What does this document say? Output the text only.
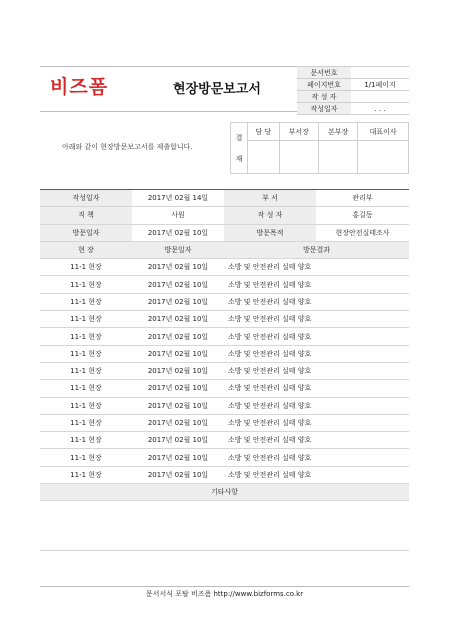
비즈폼	현장방문보고서
문서번호	
페이지번호	1/1페이지
작 성 자	
작성일자	. . .
아래와 같이 현장방문보고서를 제출합니다.
결
재	담 당	부서장	본부장	대표이사

작성일자	2017년 02월 14일	부 서	관리부
직 책	사원	작 성 자	홍길동
방문일자	2017년 02월 10일	방문목적	현장안전실태조사
현 장	방문일자	방문결과	
11-1 현장	2017년 02월 10일	소방 및 안전관리 실태 양호	
11-1 현장	2017년 02월 10일	소방 및 안전관리 실태 양호	
11-1 현장	2017년 02월 10일	소방 및 안전관리 실태 양호	
11-1 현장	2017년 02월 10일	소방 및 안전관리 실태 양호	
11-1 현장	2017년 02월 10일	소방 및 안전관리 실태 양호	
11-1 현장	2017년 02월 10일	소방 및 안전관리 실태 양호	
11-1 현장	2017년 02월 10일	소방 및 안전관리 실태 양호	
11-1 현장	2017년 02월 10일	소방 및 안전관리 실태 양호	
11-1 현장	2017년 02월 10일	소방 및 안전관리 실태 양호	
11-1 현장	2017년 02월 10일	소방 및 안전관리 실태 양호	
11-1 현장	2017년 02월 10일	소방 및 안전관리 실태 양호	
11-1 현장	2017년 02월 10일	소방 및 안전관리 실태 양호	
11-1 현장	2017년 02월 10일	소방 및 안전관리 실태 양호	
기타사항			
문서서식 포탈 비즈폼 http://www.bizforms.co.kr
